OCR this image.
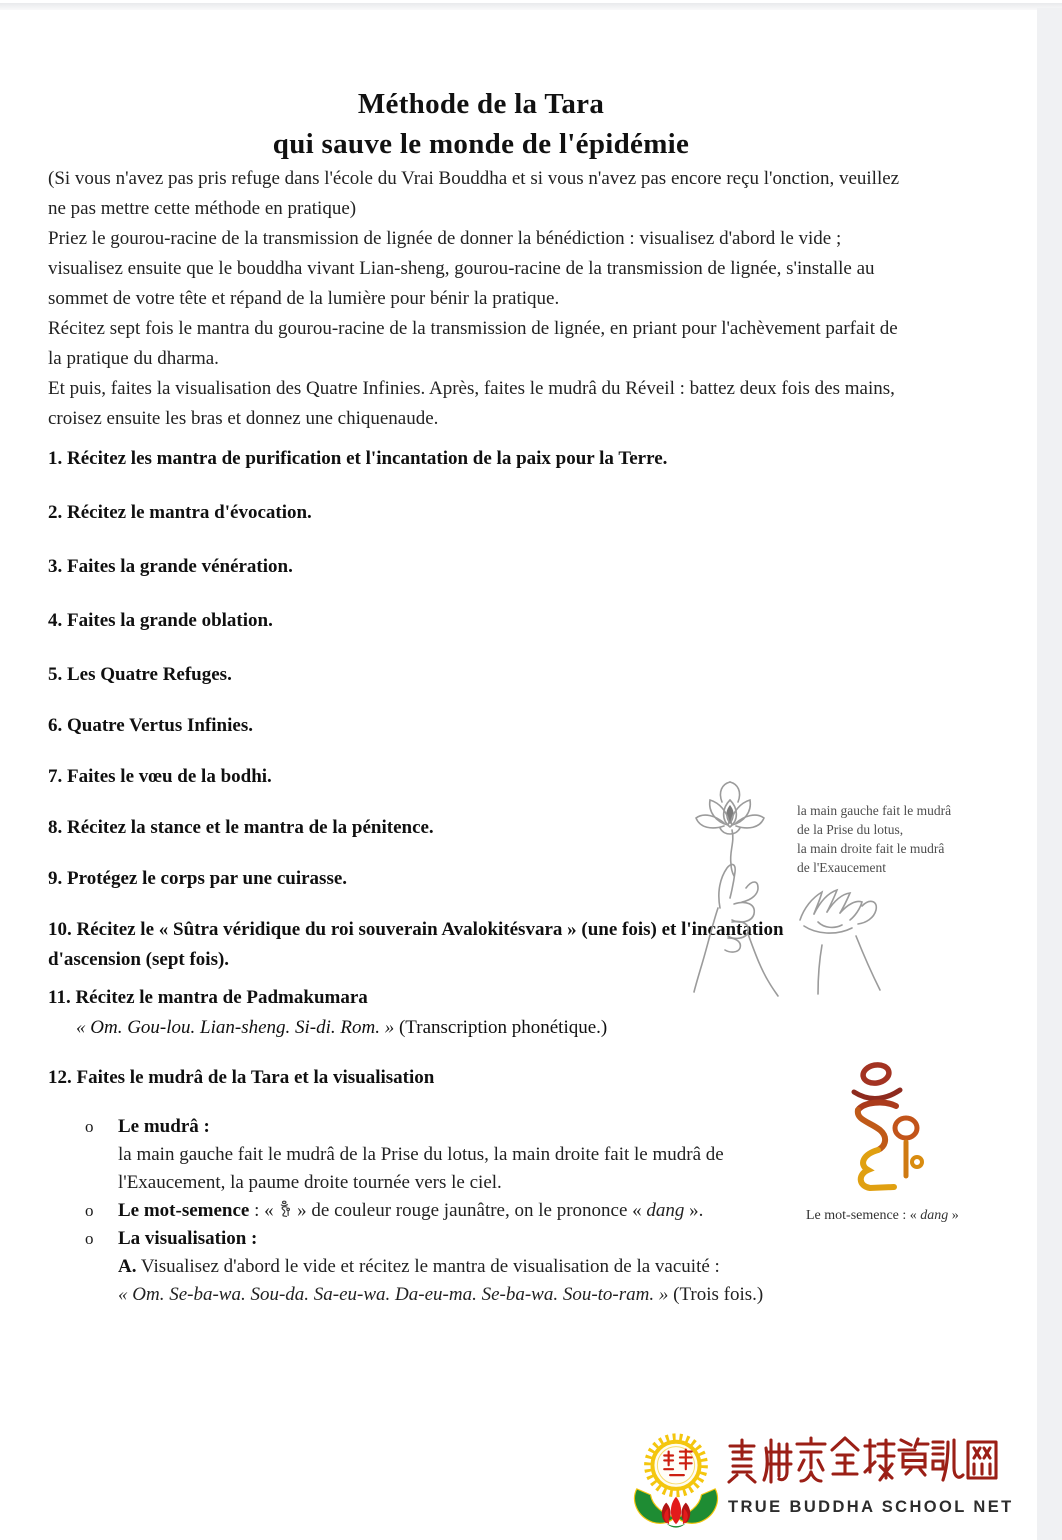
Méthode de la Tara
qui sauve le monde de l'épidémie

(Si vous n'avez pas pris refuge dans l'école du Vrai Bouddha et si vous n'avez pas encore reçu l'onction, veuillez ne pas mettre cette méthode en pratique)

Priez le gourou-racine de la transmission de lignée de donner la bénédiction : visualisez d'abord le vide ; visualisez ensuite que le bouddha vivant Lian-sheng, gourou-racine de la transmission de lignée, s'installe au sommet de votre tête et répand de la lumière pour bénir la pratique.

Récitez sept fois le mantra du gourou-racine de la transmission de lignée, en priant pour l'achèvement parfait de la pratique du dharma.

Et puis, faites la visualisation des Quatre Infinies. Après, faites le mudrâ du Réveil : battez deux fois des mains, croisez ensuite les bras et donnez une chiquenaude.

1. Récitez les mantra de purification et l'incantation de la paix pour la Terre.

2. Récitez le mantra d'évocation.

3. Faites la grande vénération.

4. Faites la grande oblation.

5. Les Quatre Refuges.

6. Quatre Vertus Infinies.

7. Faites le vœu de la bodhi.

8. Récitez la stance et le mantra de la pénitence.

9. Protégez le corps par une cuirasse.

10. Récitez le « Sûtra véridique du roi souverain Avalokitésvara » (une fois) et l'incantation d'ascension (sept fois).

11. Récitez le mantra de Padmakumara
« Om. Gou-lou. Lian-sheng. Si-di. Rom. » (Transcription phonétique.)

12. Faites le mudrâ de la Tara et la visualisation

o	Le mudrâ :
la main gauche fait le mudrâ de la Prise du lotus, la main droite fait le mudrâ de l'Exaucement, la paume droite tournée vers le ciel.
o	Le mot-semence : «  » de couleur rouge jaunâtre, on le prononce « dang ».
o	La visualisation :
A. Visualisez d'abord le vide et récitez le mantra de visualisation de la vacuité :
« Om. Se-ba-wa. Sou-da. Sa-eu-wa. Da-eu-ma. Se-ba-wa. Sou-to-ram. » (Trois fois.)
la main gauche fait le mudrâ
de la Prise du lotus,
la main droite fait le mudrâ
de l'Exaucement
Le mot-semence : « dang »
TRUE BUDDHA SCHOOL NET
